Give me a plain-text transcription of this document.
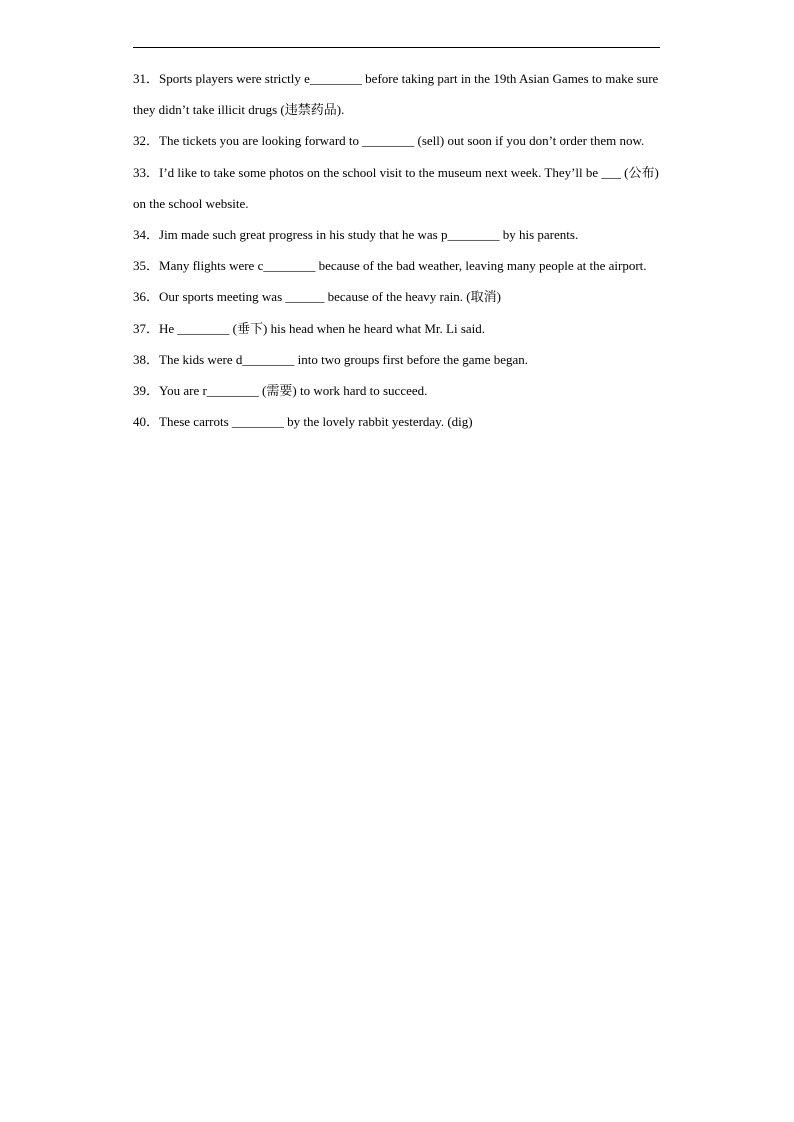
31．Sports players were strictly e________ before taking part in the 19th Asian Games to make sure they didn’t take illicit drugs (违禁药品).

32．The tickets you are looking forward to ________ (sell) out soon if you don’t order them now.

33．I’d like to take some photos on the school visit to the museum next week. They’ll be ___ (公布) on the school website.

34．Jim made such great progress in his study that he was p________ by his parents.

35．Many flights were c________ because of the bad weather, leaving many people at the airport.

36．Our sports meeting was ______ because of the heavy rain. (取消)

37．He ________ (垂下) his head when he heard what Mr. Li said.

38．The kids were d________ into two groups first before the game began.

39．You are r________ (需要) to work hard to succeed.

40．These carrots ________ by the lovely rabbit yesterday. (dig)
